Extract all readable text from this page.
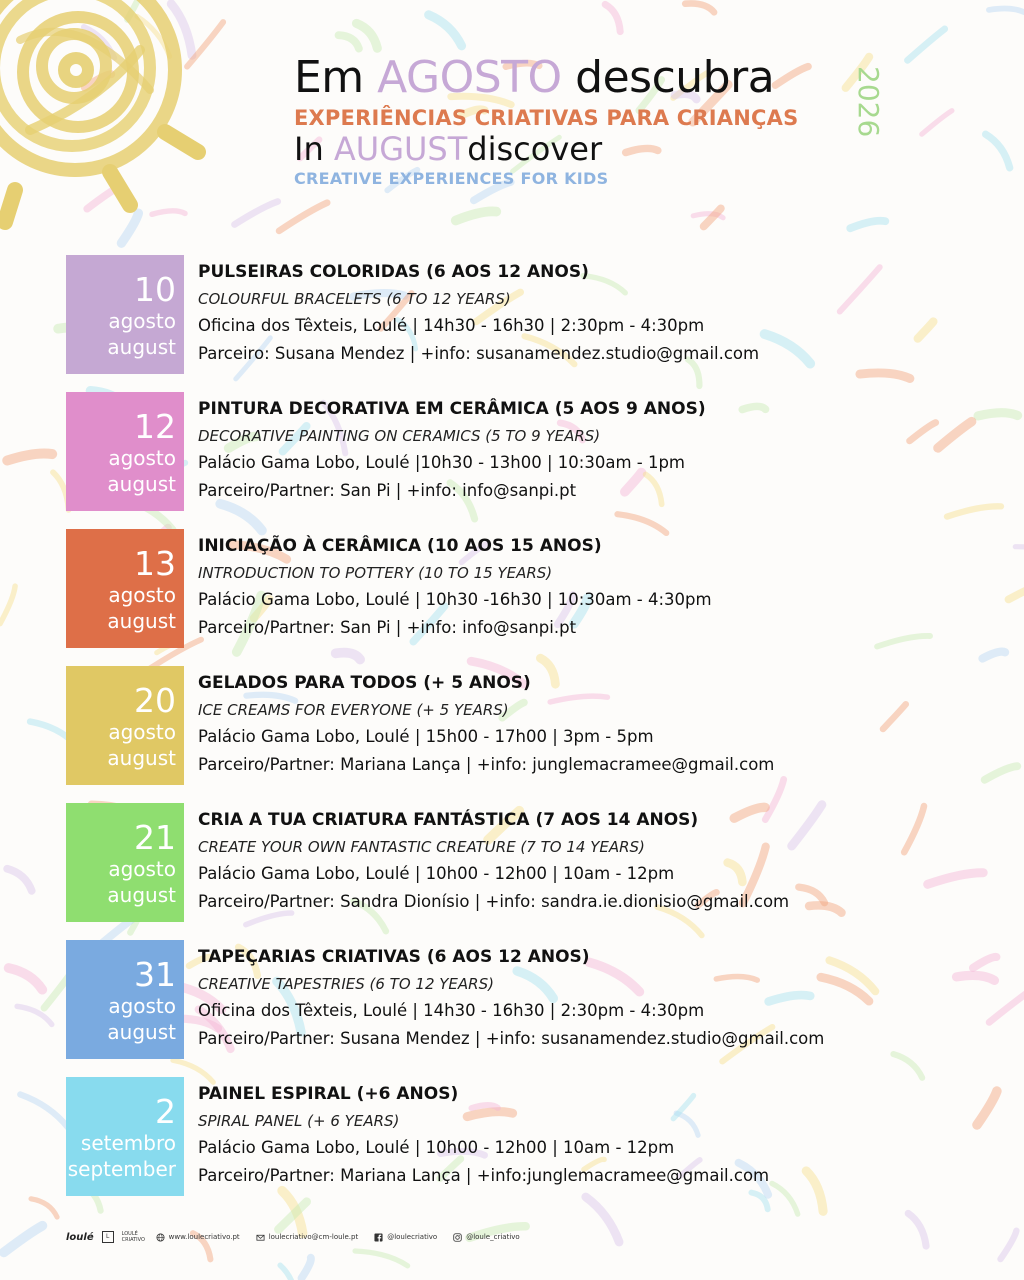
Em AGOSTO descubra
EXPERIÊNCIAS CRIATIVAS PARA CRIANÇAS
In AUGUSTdiscover
CREATIVE EXPERIENCES FOR KIDS
2026
10
agosto
august
PULSEIRAS COLORIDAS (6 AOS 12 ANOS)
COLOURFUL BRACELETS (6 TO 12 YEARS)
Oficina dos Têxteis, Loulé | 14h30 - 16h30 | 2:30pm - 4:30pm
Parceiro: Susana Mendez | +info: susanamendez.studio@gmail.com
12
agosto
august
PINTURA DECORATIVA EM CERÂMICA (5 AOS 9 ANOS)
DECORATIVE PAINTING ON CERAMICS (5 TO 9 YEARS)
Palácio Gama Lobo, Loulé |10h30 - 13h00 | 10:30am - 1pm
Parceiro/Partner: San Pi | +info: info@sanpi.pt
13
agosto
august
INICIAÇÃO À CERÂMICA (10 AOS 15 ANOS)
INTRODUCTION TO POTTERY (10 TO 15 YEARS)
Palácio Gama Lobo, Loulé | 10h30 -16h30 | 10:30am - 4:30pm
Parceiro/Partner: San Pi | +info: info@sanpi.pt
20
agosto
august
GELADOS PARA TODOS (+ 5 ANOS)
ICE CREAMS FOR EVERYONE (+ 5 YEARS)
Palácio Gama Lobo, Loulé | 15h00 - 17h00 | 3pm - 5pm
Parceiro/Partner: Mariana Lança | +info: junglemacramee@gmail.com
21
agosto
august
CRIA A TUA CRIATURA FANTÁSTICA (7 AOS 14 ANOS)
CREATE YOUR OWN FANTASTIC CREATURE (7 TO 14 YEARS)
Palácio Gama Lobo, Loulé | 10h00 - 12h00 | 10am - 12pm
Parceiro/Partner: Sandra Dionísio | +info: sandra.ie.dionisio@gmail.com
31
agosto
august
TAPEÇARIAS CRIATIVAS (6 AOS 12 ANOS)
CREATIVE TAPESTRIES (6 TO 12 YEARS)
Oficina dos Têxteis, Loulé | 14h30 - 16h30 | 2:30pm - 4:30pm
Parceiro/Partner: Susana Mendez | +info: susanamendez.studio@gmail.com
2
setembro
september
PAINEL ESPIRAL (+6 ANOS)
SPIRAL PANEL (+ 6 YEARS)
Palácio Gama Lobo, Loulé | 10h00 - 12h00 | 10am - 12pm
Parceiro/Partner: Mariana Lança | +info:junglemacramee@gmail.com
loulé	L	LOULÉ CRIATIVO	www.loulecriativo.pt	loulecriativo@cm-loule.pt	@loulecriativo	@loule_criativo
